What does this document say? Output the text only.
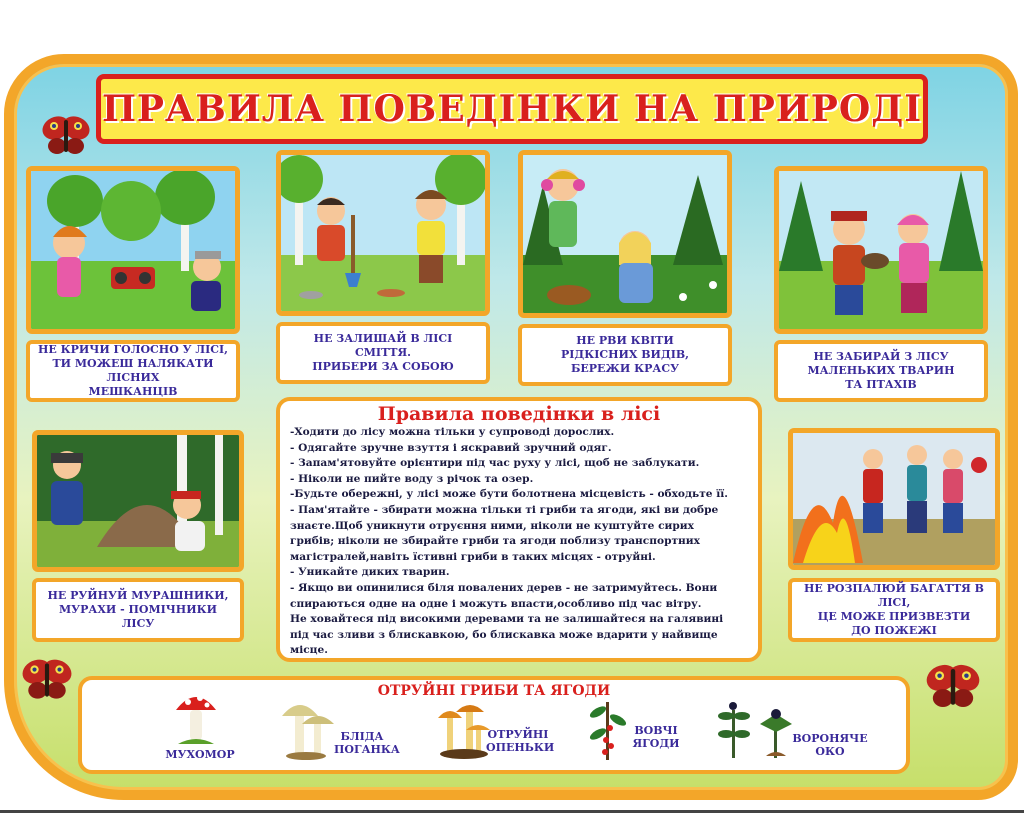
ПРАВИЛА ПОВЕДІНКИ НА ПРИРОДІ
НЕ КРИЧИ ГОЛОСНО У ЛІСІ,
ТИ МОЖЕШ НАЛЯКАТИ ЛІСНИХ
МЕШКАНЦІВ
НЕ ЗАЛИШАЙ В ЛІСІ СМІТТЯ.
ПРИБЕРИ ЗА СОБОЮ
НЕ РВИ КВІТИ
РІДКІСНИХ ВИДІВ,
БЕРЕЖИ КРАСУ
НЕ ЗАБИРАЙ З ЛІСУ
МАЛЕНЬКИХ ТВАРИН
ТА ПТАХІВ
НЕ РУЙНУЙ МУРАШНИКИ,
МУРАХИ - ПОМІЧНИКИ
ЛІСУ
НЕ РОЗПАЛЮЙ БАГАТТЯ В ЛІСІ,
ЦЕ МОЖЕ ПРИЗВЕЗТИ
ДО ПОЖЕЖІ
Правила поведінки в лісі
-Ходити до лісу можна тільки у супроводі дорослих.
- Одягайте зручне взуття і яскравий зручний одяг.
- Запам'ятовуйте орієнтири під час руху у лісі, щоб не заблукати.
- Ніколи не пийте воду з річок та озер.
-Будьте обережні, у лісі може бути болотнена місцевість - обходьте її.
- Пам'ятайте - збирати можна тільки ті гриби та ягоди, які ви добре
знаєте.Щоб уникнути отруєння ними, ніколи не куштуйте сирих
грибів; ніколи не збирайте гриби та ягоди поблизу транспортних
магістралей,навіть їстивні гриби в таких місцях - отруйні.
- Уникайте диких тварин.
- Якщо ви опинилися біля повалених дерев - не затримуйтесь. Вони
спираються одне на одне і можуть впасти,особливо під час вітру.
Не ховайтеся під високими деревами та не залишайтеся на галявині
під час зливи з блискавкою, бо блискавка може вдарити у найвище
місце.
ОТРУЙНІ ГРИБИ ТА ЯГОДИ
МУХОМОР
БЛІДА
ПОГАНКА
ОТРУЙНІ
ОПЕНЬКИ
ВОВЧІ
ЯГОДИ	ВОРОНЯЧЕ
ОКО
